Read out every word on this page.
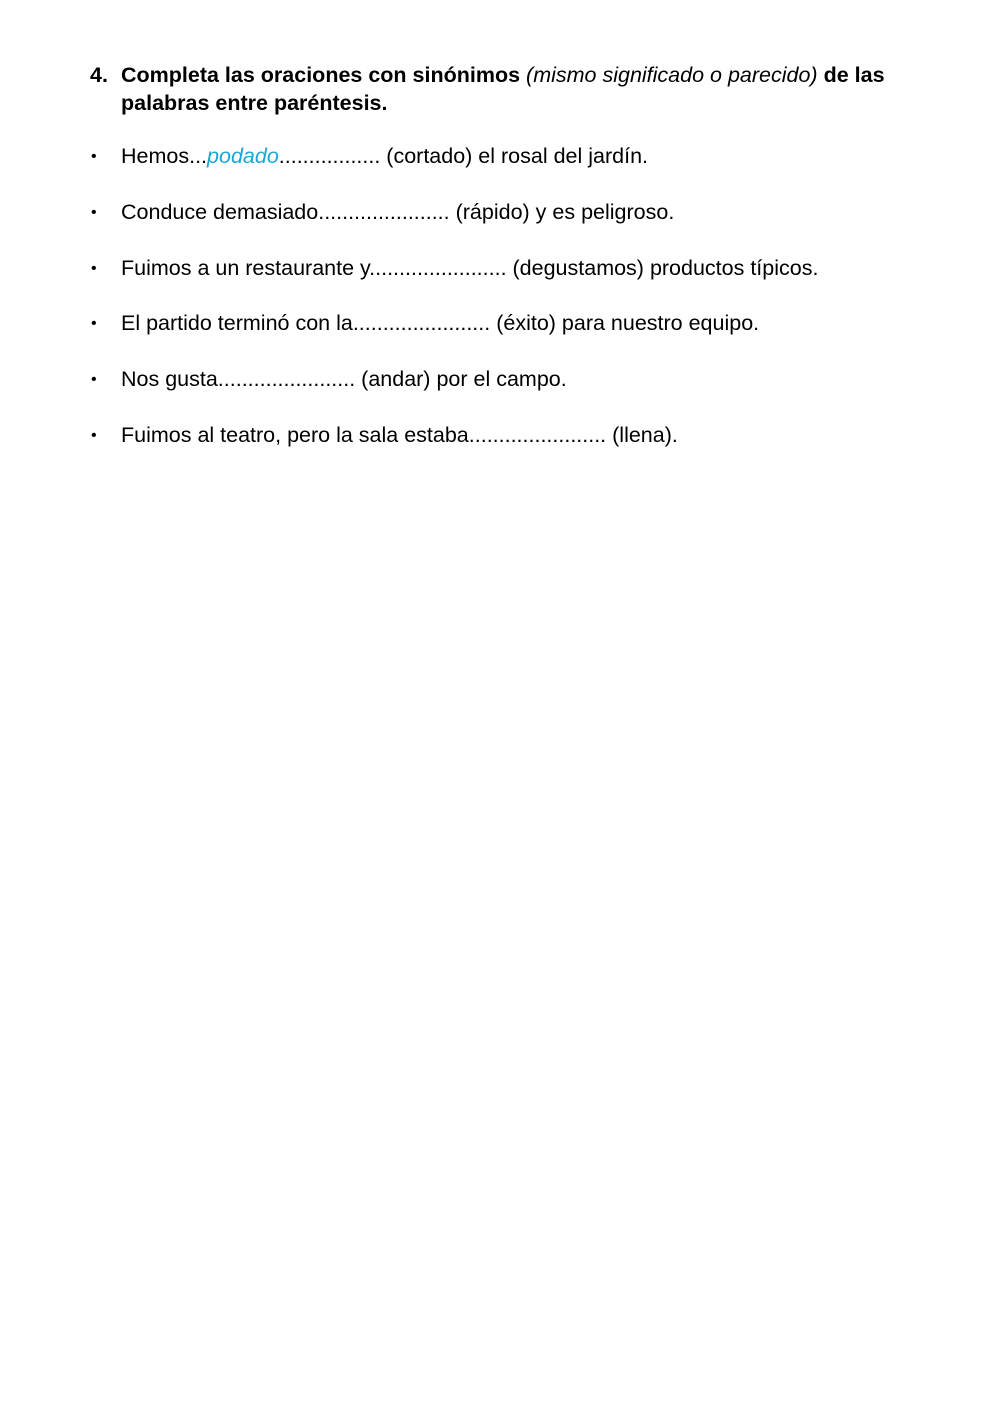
4. Completa las oraciones con sinónimos (mismo significado o parecido) de las palabras entre paréntesis.
•	Hemos...podado................. (cortado) el rosal del jardín.
•	Conduce demasiado...................... (rápido) y es peligroso.
•	Fuimos a un restaurante y....................... (degustamos) productos típicos.
•	El partido terminó con la....................... (éxito) para nuestro equipo.
•	Nos gusta....................... (andar) por el campo.
•	Fuimos al teatro, pero la sala estaba....................... (llena).
